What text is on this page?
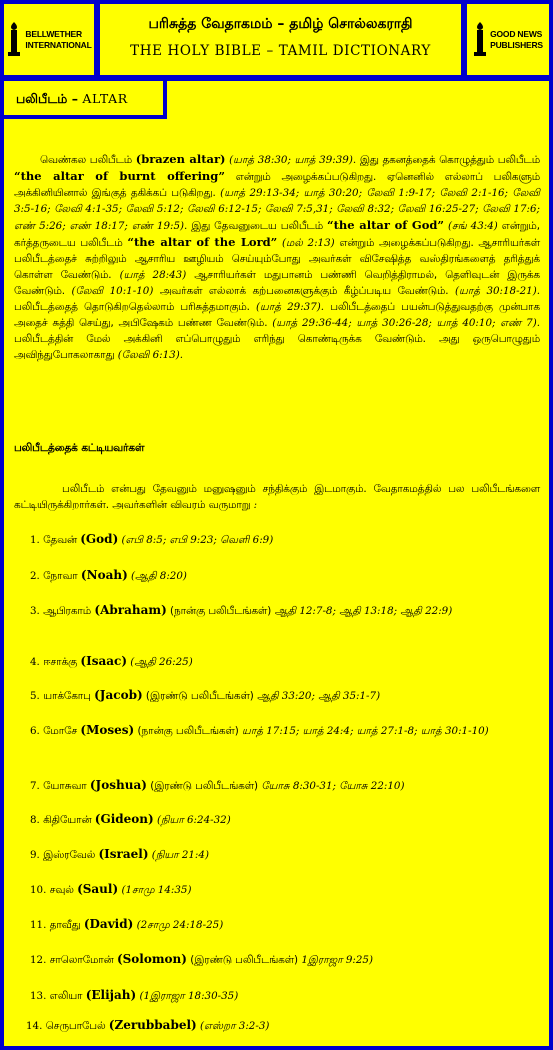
BELLWETHER
INTERNATIONAL
பரிசுத்த வேதாகமம் – தமிழ் சொல்லகராதி
THE HOLY BIBLE – TAMIL DICTIONARY
GOOD NEWS
PUBLISHERS
பலிபீடம் – ALTAR

வெண்கல பலிபீடம் (brazen altar) (யாத் 38:30; யாத் 39:39). இது தகனத்தைக் கொழுத்தும் பலிபீடம் “the altar of burnt offering” என்றும் அழைக்கப்படுகிறது. ஏனெனில் எல்லாப் பலிகளும் அக்கினியினால் இங்குத் தகிக்கப் படுகிறது. (யாத் 29:13-34; யாத் 30:20; லேவி 1:9-17; லேவி 2:1-16; லேவி 3:5-16; லேவி 4:1-35; லேவி 5:12; லேவி 6:12-15; லேவி 7:5,31; லேவி 8:32; லேவி 16:25-27; லேவி 17:6; எண் 5:26; எண் 18:17; எண் 19:5). இது தேவனுடைய பலிபீடம் “the altar of God” (சங் 43:4) என்றும், கர்த்தருடைய பலிபீடம் “the altar of the Lord” (மல் 2:13) என்றும் அழைக்கப்படுகிறது. ஆசாரியர்கள் பலிபீடத்தைச் சுற்றிலும் ஆசாரிய ஊழியம் செய்யும்போது அவர்கள் விசேஷித்த வஸ்திரங்களைத் தரித்துக் கொள்ள வேண்டும். (யாத் 28:43) ஆசாரியர்கள் மதுபானம் பண்ணி வெறித்திராமல், தெளிவுடன் இருக்க வேண்டும். (லேவி 10:1-10) அவர்கள் எல்லாக் கற்பனைகளுக்கும் கீழ்ப்படிய வேண்டும். (யாத் 30:18-21). பலிபீடத்தைத் தொடுகிறதெல்லாம் பரிசுத்தமாகும். (யாத் 29:37). பலிபீடத்தைப் பயன்படுத்துவதற்கு முன்பாக அதைச் சுத்தி செய்து, அபிஷேகம் பண்ண வேண்டும். (யாத் 29:36-44; யாத் 30:26-28; யாத் 40:10; எண் 7). பலிபீடத்தின் மேல் அக்கினி எப்பொழுதும் எரிந்து கொண்டிருக்க வேண்டும். அது ஒருபொழுதும் அவிந்துபோகலாகாது (லேவி 6:13).

பலிபீடத்தைக் கட்டியவர்கள்

பலிபீடம் என்பது தேவனும் மனுஷனும் சந்திக்கும் இடமாகும். வேதாகமத்தில் பல பலிபீடங்களை கட்டியிருக்கிறார்கள். அவர்களின் விவரம் வருமாறு :
1. தேவன் (God) (எபி 8:5; எபி 9:23; வெளி 6:9)
2. நோவா (Noah) (ஆதி 8:20)
3. ஆபிரகாம் (Abraham) (நான்கு பலிபீடங்கள்) ஆதி 12:7-8; ஆதி 13:18; ஆதி 22:9)
4. ஈசாக்கு (Isaac) (ஆதி 26:25)
5. யாக்கோபு (Jacob) (இரண்டு பலிபீடங்கள்) ஆதி 33:20; ஆதி 35:1-7)
6. மோசே (Moses) (நான்கு பலிபீடங்கள்) யாத் 17:15; யாத் 24:4; யாத் 27:1-8; யாத் 30:1-10)
7. யோசுவா (Joshua) (இரண்டு பலிபீடங்கள்) யோசு 8:30-31; யோசு 22:10)
8. கிதியோன் (Gideon) (நியா 6:24-32)
9. இஸ்ரவேல் (Israel) (நியா 21:4)
10. சவுல் (Saul) (1சாமு 14:35)
11. தாவீது (David) (2சாமு 24:18-25)
12. சாலொமோன் (Solomon) (இரண்டு பலிபீடங்கள்) 1இராஜா 9:25)
13. எலியா (Elijah) (1இராஜா 18:30-35)
14. செருபாபேல் (Zerubbabel) (எஸ்றா 3:2-3)
